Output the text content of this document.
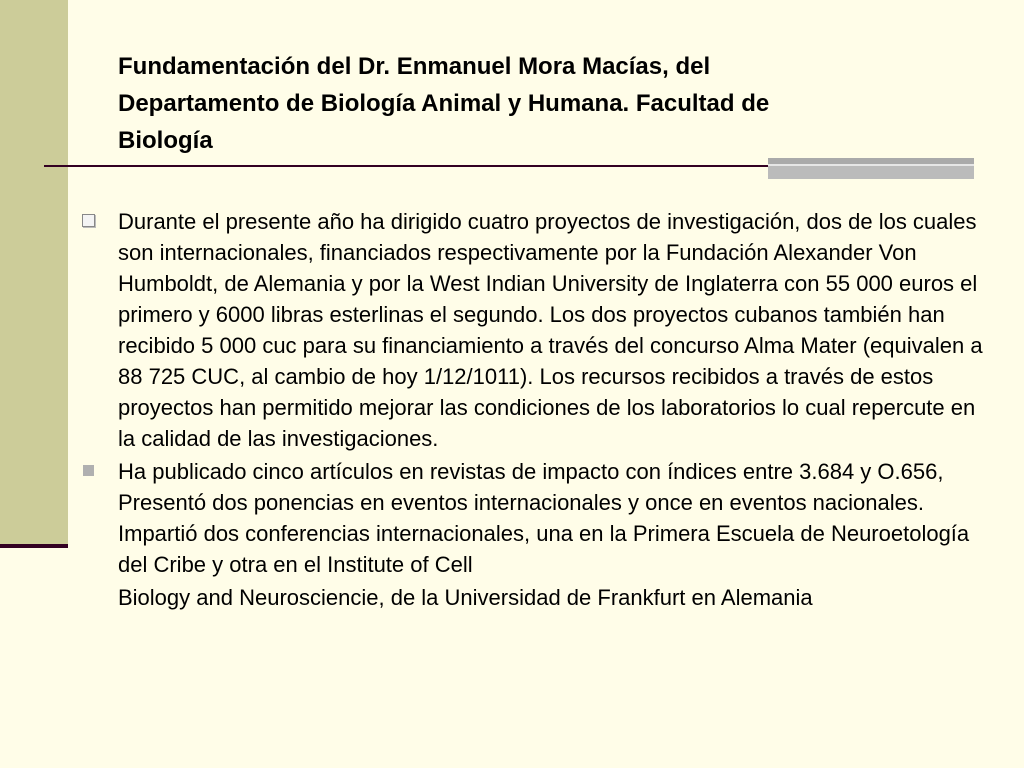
Fundamentación del Dr. Enmanuel Mora Macías, del
Departamento de Biología Animal y Humana. Facultad de
Biología
Durante el presente año ha dirigido cuatro proyectos de investigación, dos de los cuales son internacionales, financiados respectivamente por la Fundación Alexander Von Humboldt, de Alemania y por la West Indian University de Inglaterra con 55 000 euros el primero y 6000 libras esterlinas el segundo. Los dos proyectos cubanos también han recibido 5 000 cuc para su financiamiento a través del concurso Alma Mater (equivalen a 88 725 CUC, al cambio de hoy 1/12/1011). Los recursos recibidos a través de estos proyectos han permitido mejorar las condiciones de los laboratorios lo cual repercute en la calidad de las investigaciones.
Ha publicado cinco artículos en revistas de impacto con índices entre 3.684 y O.656, Presentó dos ponencias en eventos internacionales y once en eventos nacionales. Impartió dos conferencias internacionales, una en la Primera Escuela de Neuroetología del Cribe y otra en el Institute of Cell
Biology and Neurosciencie, de la Universidad de Frankfurt en Alemania
